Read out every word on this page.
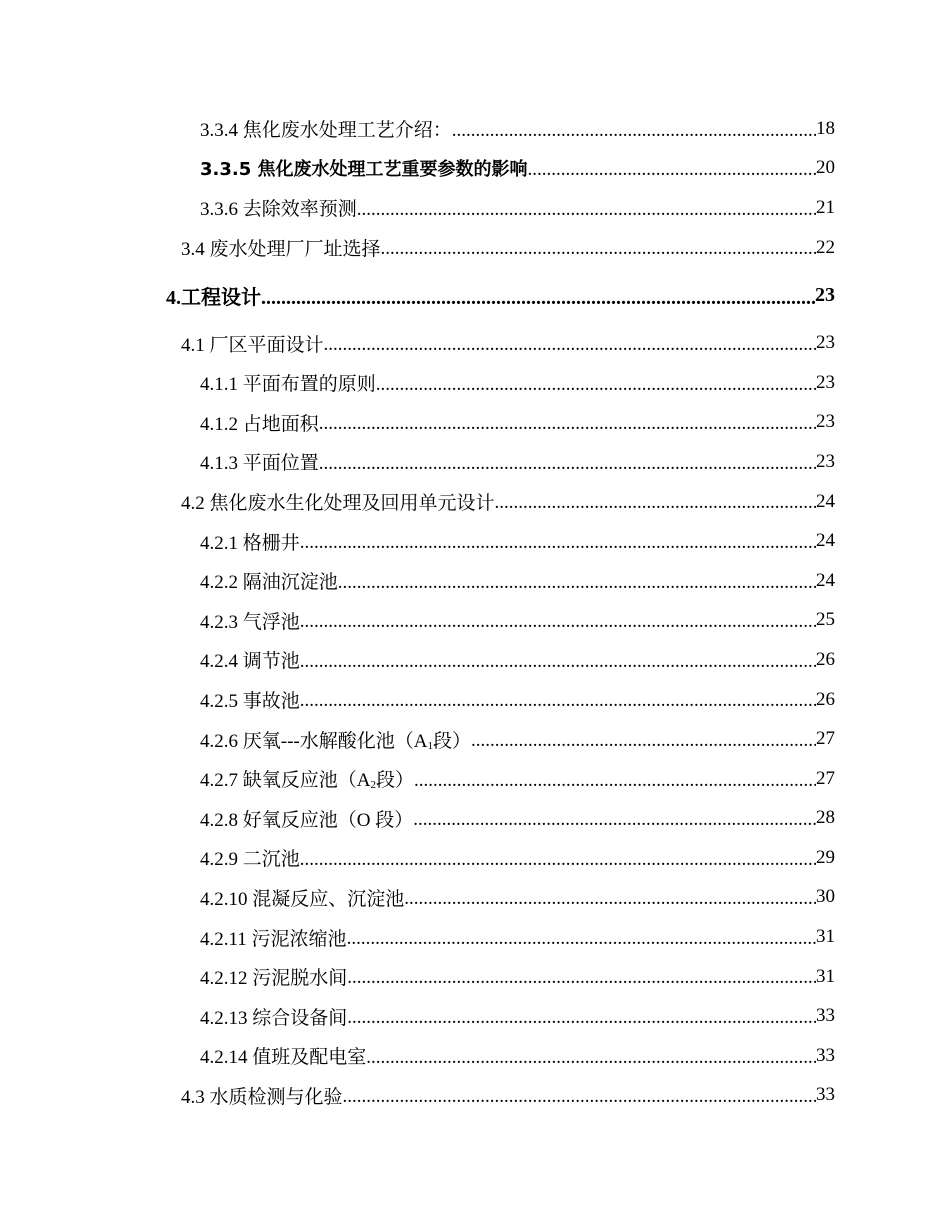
3.3.4 焦化废水处理工艺介绍： .....	18
3.3.5 焦化废水处理工艺重要参数的影响 .....	20
3.3.6 去除效率预测 .....	21
3.4 废水处理厂厂址选择 .....	22
4.工程设计 .....	23
4.1 厂区平面设计 .....	23
4.1.1 平面布置的原则 .....	23
4.1.2 占地面积 .....	23
4.1.3 平面位置 .....	23
4.2 焦化废水生化处理及回用单元设计 .....	24
4.2.1 格栅井 .....	24
4.2.2 隔油沉淀池 .....	24
4.2.3 气浮池 .....	25
4.2.4 调节池 .....	26
4.2.5 事故池 .....	26
4.2.6 厌氧---水解酸化池（$A_1$段） .....	27
4.2.7 缺氧反应池（$A_2$段） .....	27
4.2.8 好氧反应池（O 段） .....	28
4.2.9 二沉池 .....	29
4.2.10 混凝反应、沉淀池 .....	30
4.2.11 污泥浓缩池 .....	31
4.2.12 污泥脱水间 .....	31
4.2.13 综合设备间 .....	33
4.2.14 值班及配电室 .....	33
4.3 水质检测与化验 .....	33
